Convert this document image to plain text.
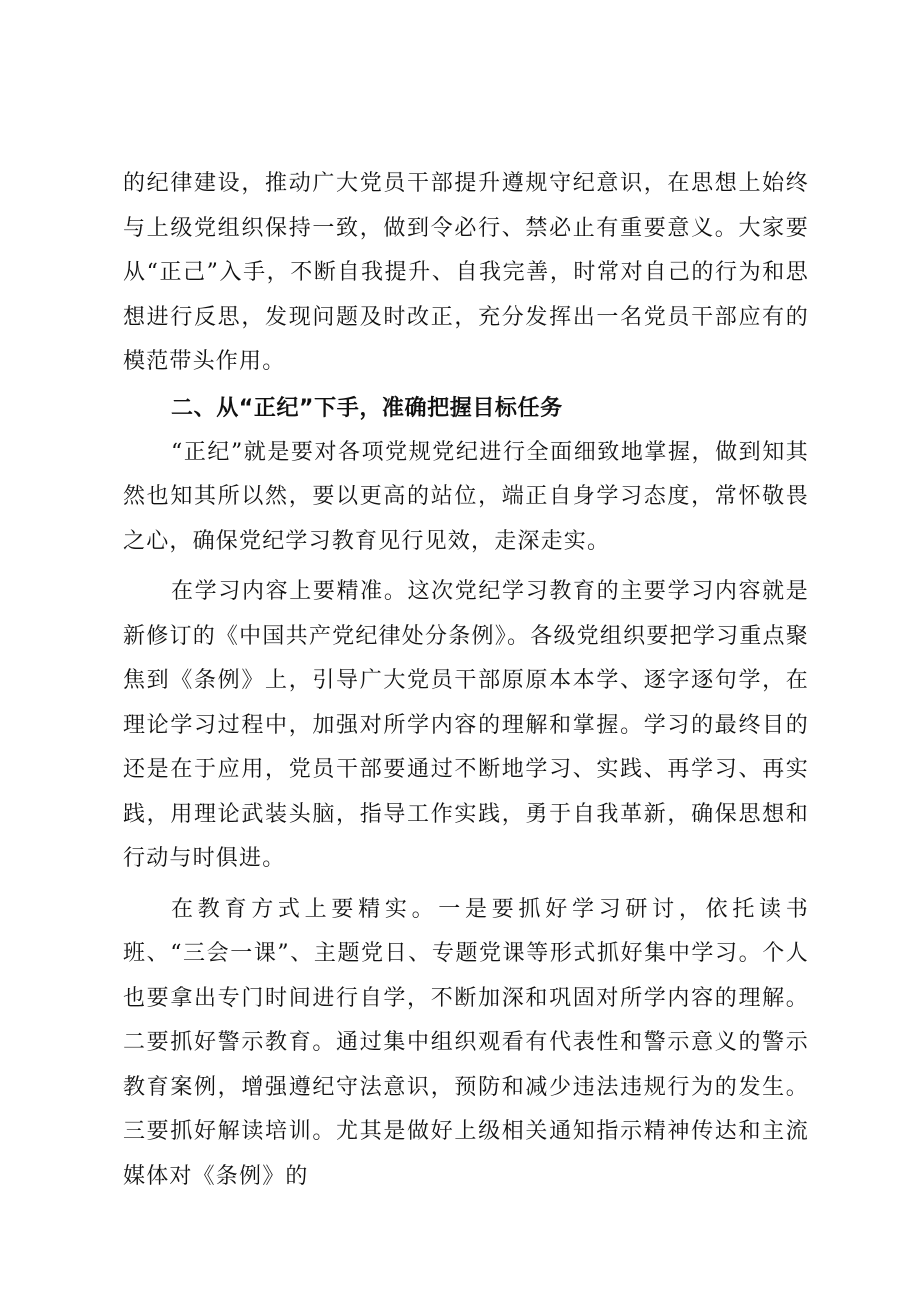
的纪律建设，推动广大党员干部提升遵规守纪意识，在思想上始终与上级党组织保持一致，做到令必行、禁必止有重要意义。大家要从“正己”入手，不断自我提升、自我完善，时常对自己的行为和思想进行反思，发现问题及时改正，充分发挥出一名党员干部应有的模范带头作用。

二、从“正纪”下手，准确把握目标任务

“正纪”就是要对各项党规党纪进行全面细致地掌握，做到知其然也知其所以然，要以更高的站位，端正自身学习态度，常怀敬畏之心，确保党纪学习教育见行见效，走深走实。

在学习内容上要精准。这次党纪学习教育的主要学习内容就是新修订的《中国共产党纪律处分条例》。各级党组织要把学习重点聚焦到《条例》上，引导广大党员干部原原本本学、逐字逐句学，在理论学习过程中，加强对所学内容的理解和掌握。学习的最终目的还是在于应用，党员干部要通过不断地学习、实践、再学习、再实践，用理论武装头脑，指导工作实践，勇于自我革新，确保思想和行动与时俱进。

在教育方式上要精实。一是要抓好学习研讨，依托读书班、“三会一课”、主题党日、专题党课等形式抓好集中学习。个人也要拿出专门时间进行自学，不断加深和巩固对所学内容的理解。二要抓好警示教育。通过集中组织观看有代表性和警示意义的警示教育案例，增强遵纪守法意识，预防和减少违法违规行为的发生。三要抓好解读培训。尤其是做好上级相关通知指示精神传达和主流媒体对《条例》的
